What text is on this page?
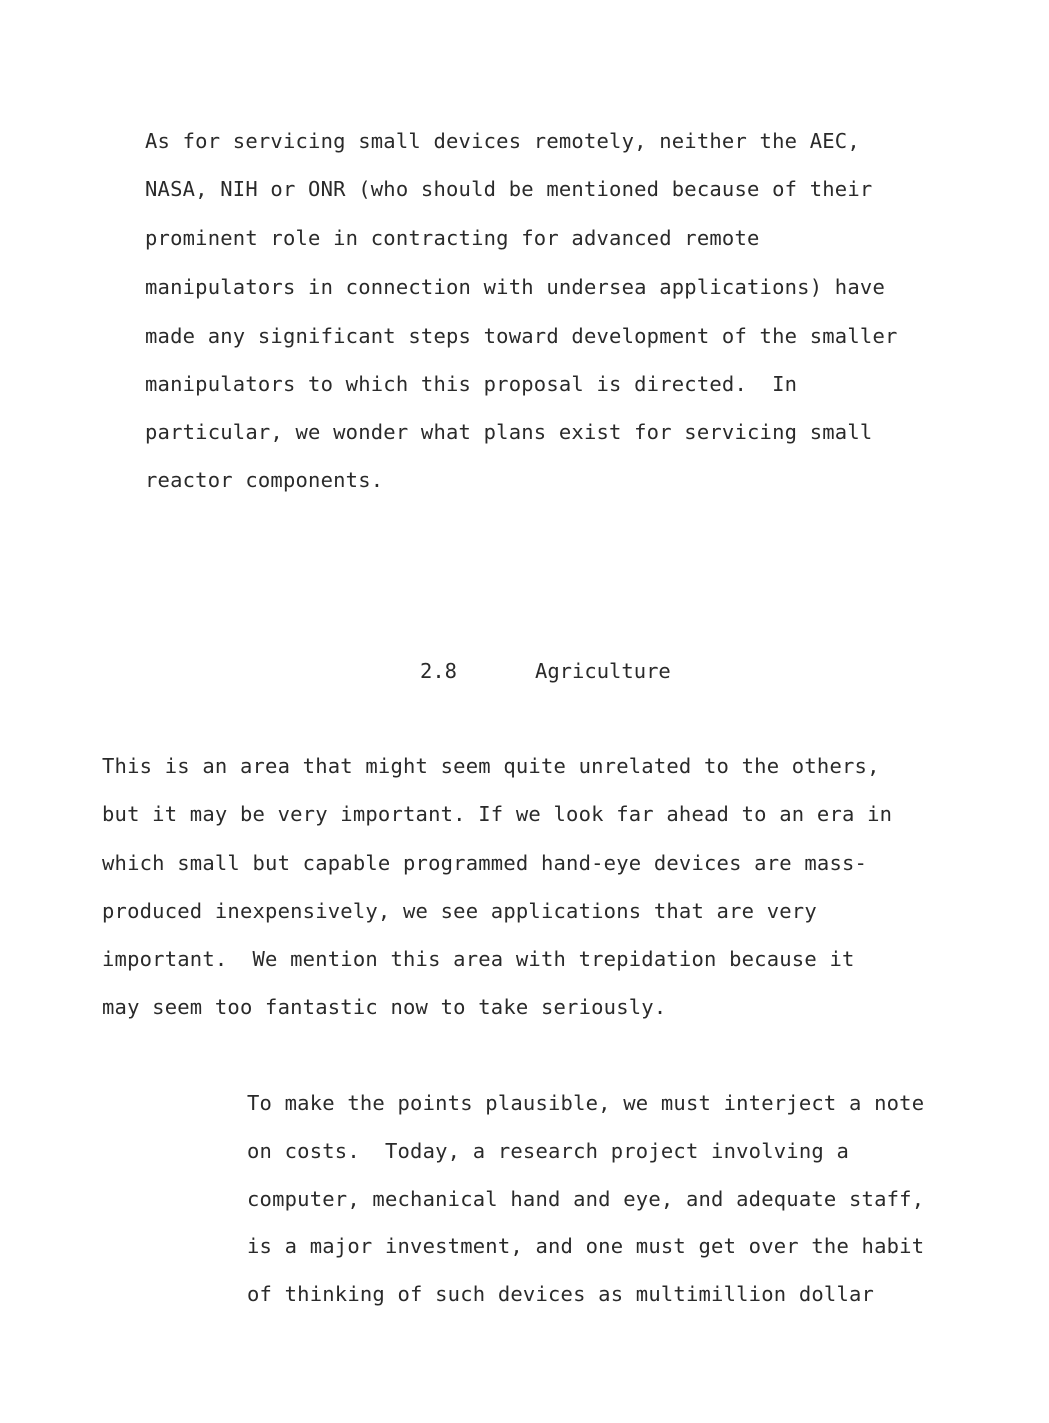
As for servicing small devices remotely, neither the AEC,
NASA, NIH or ONR (who should be mentioned because of their
prominent role in contracting for advanced remote
manipulators in connection with undersea applications) have
made any significant steps toward development of the smaller
manipulators to which this proposal is directed.  In
particular, we wonder what plans exist for servicing small
reactor components.
2.8	Agriculture
This is an area that might seem quite unrelated to the others,
but it may be very important. If we look far ahead to an era in
which small but capable programmed hand-eye devices are mass-
produced inexpensively, we see applications that are very
important.  We mention this area with trepidation because it
may seem too fantastic now to take seriously.
To make the points plausible, we must interject a note
on costs.  Today, a research project involving a
computer, mechanical hand and eye, and adequate staff,
is a major investment, and one must get over the habit
of thinking of such devices as multimillion dollar
